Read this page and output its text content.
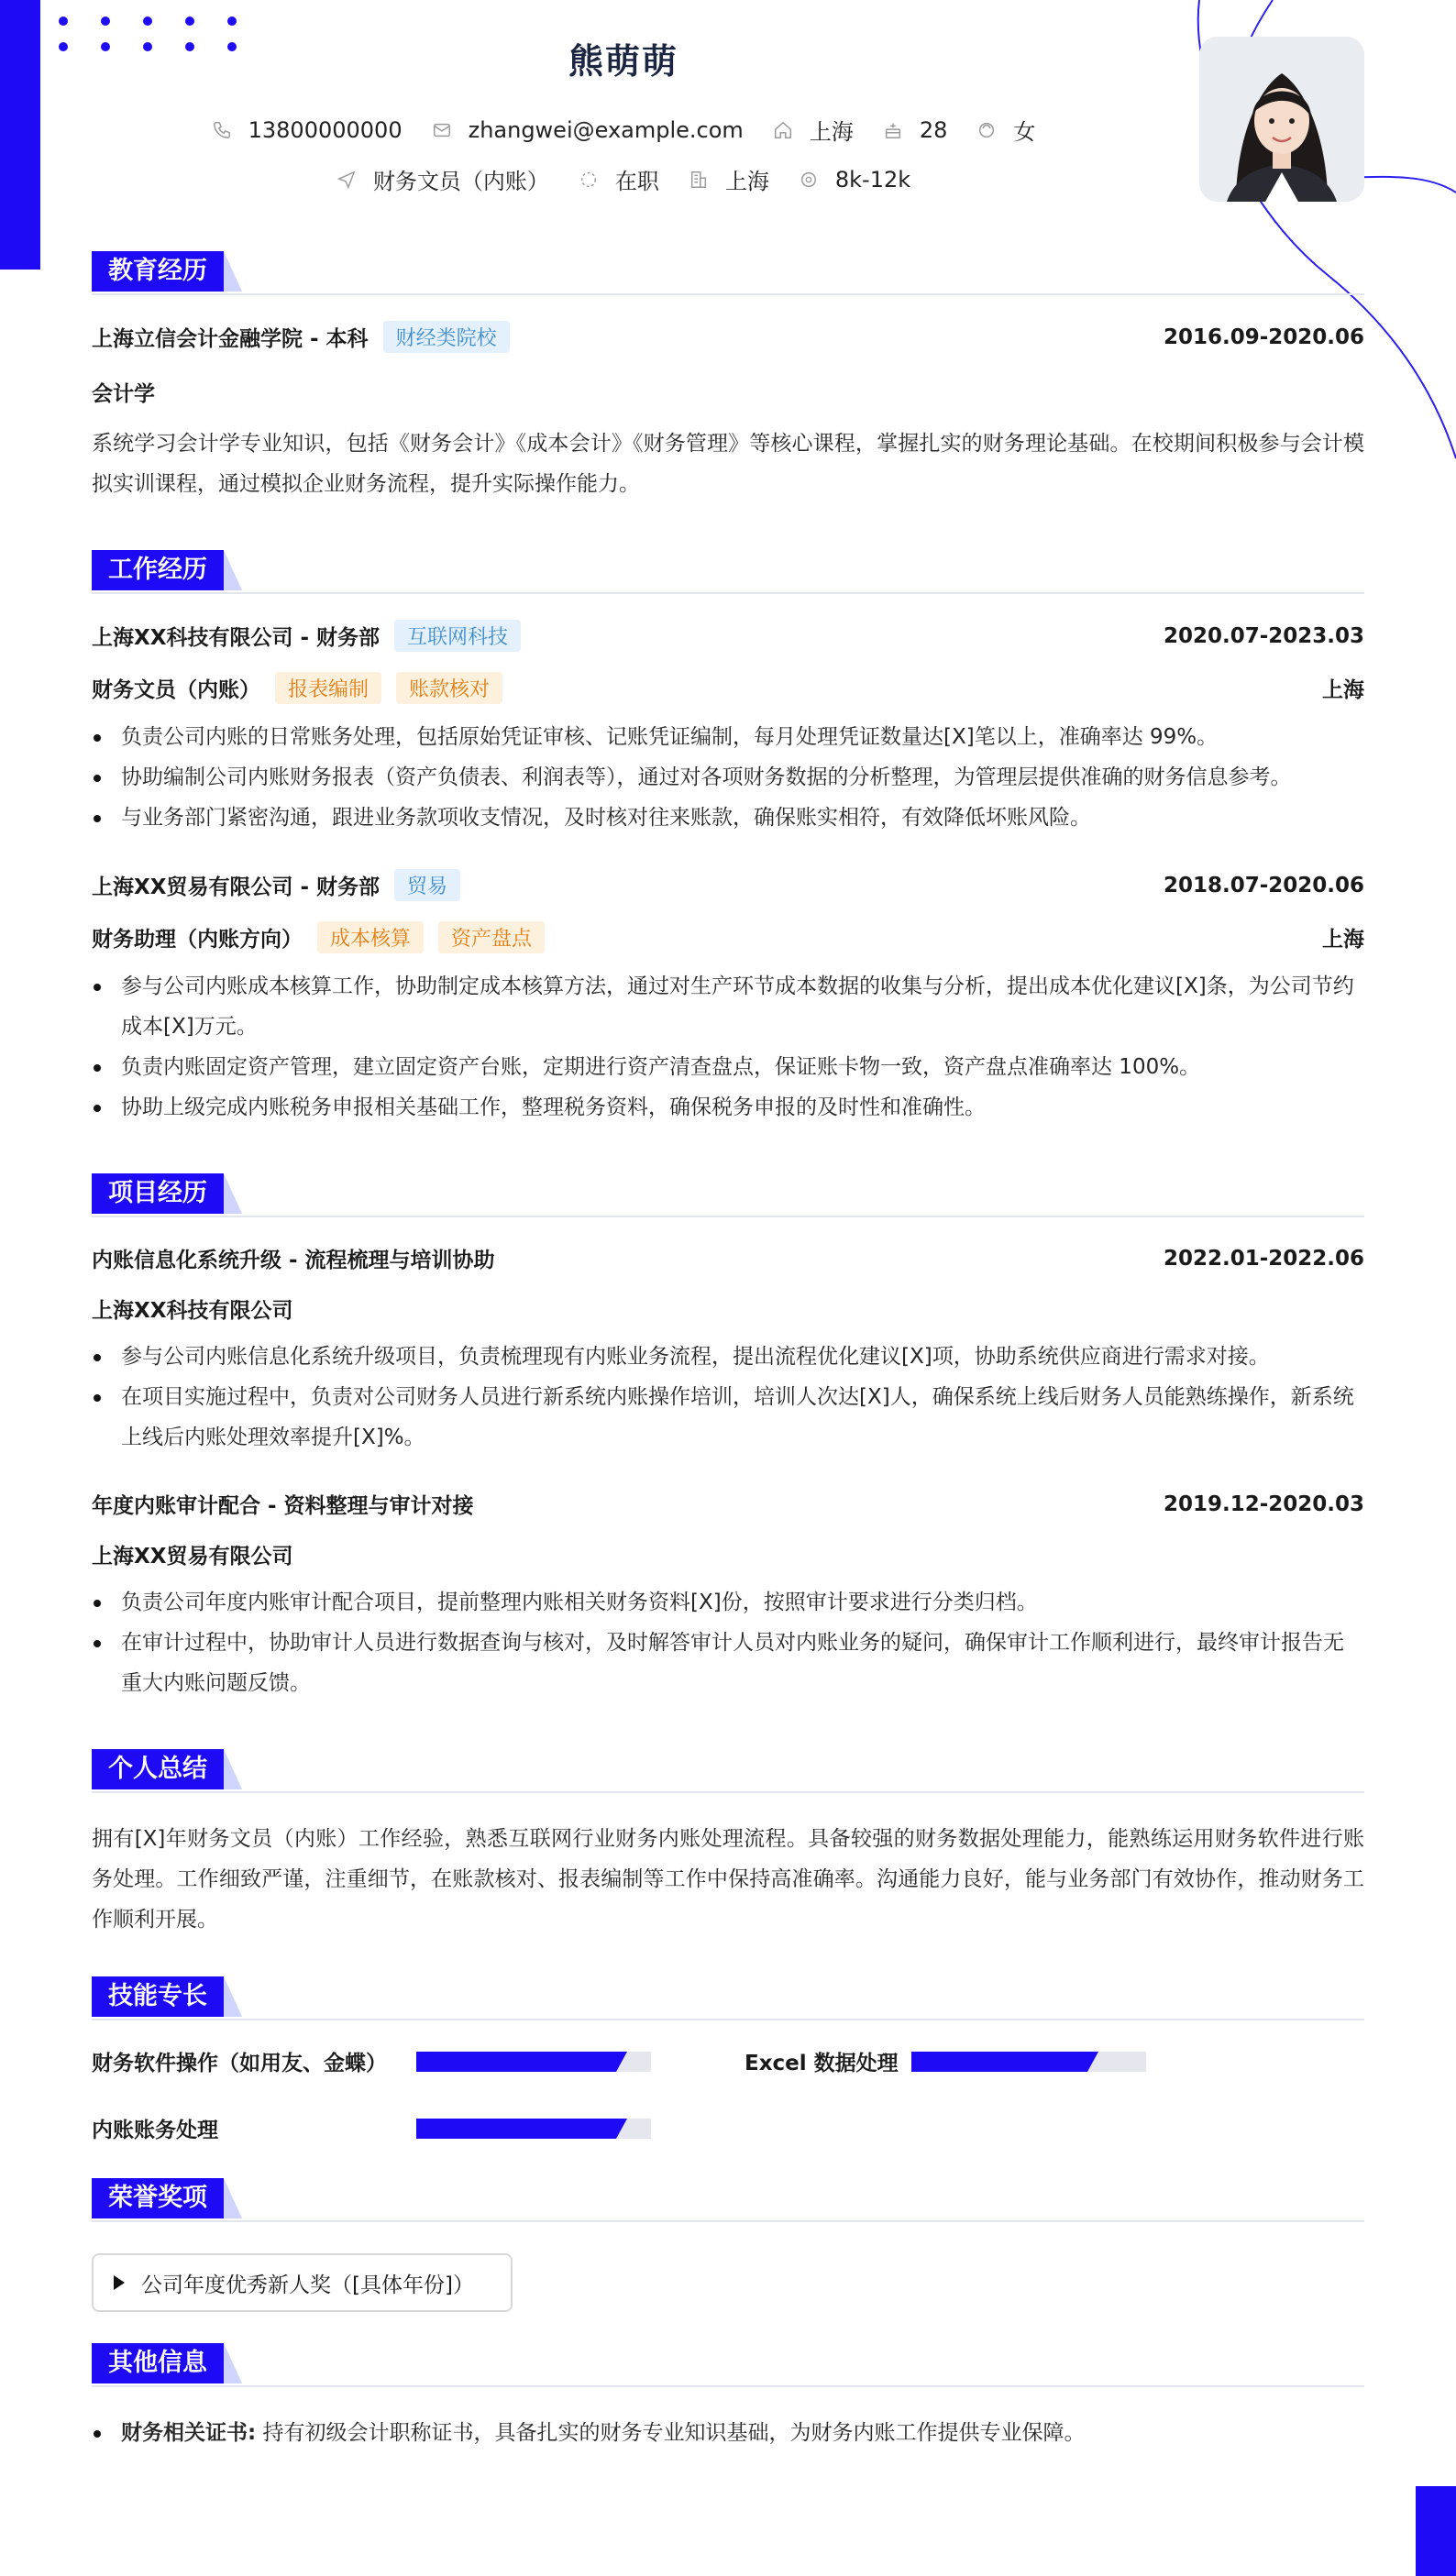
熊萌萌
13800000000	zhangwei@example.com	上海	28	女
财务文员（内账）	在职	上海	8k-12k
教育经历
上海立信会计金融学院 - 本科	财经类院校	2016.09-2020.06
会计学
系统学习会计学专业知识，包括《财务会计》《成本会计》《财务管理》等核心课程，掌握扎实的财务理论基础。在校期间积极参与会计模拟实训课程，通过模拟企业财务流程，提升实际操作能力。
工作经历
上海XX科技有限公司 - 财务部	互联网科技	2020.07-2023.03
财务文员（内账）	报表编制	账款核对	上海
负责公司内账的日常账务处理，包括原始凭证审核、记账凭证编制，每月处理凭证数量达[X]笔以上，准确率达 99%。
协助编制公司内账财务报表（资产负债表、利润表等），通过对各项财务数据的分析整理，为管理层提供准确的财务信息参考。
与业务部门紧密沟通，跟进业务款项收支情况，及时核对往来账款，确保账实相符，有效降低坏账风险。
上海XX贸易有限公司 - 财务部	贸易	2018.07-2020.06
财务助理（内账方向）	成本核算	资产盘点	上海
参与公司内账成本核算工作，协助制定成本核算方法，通过对生产环节成本数据的收集与分析，提出成本优化建议[X]条，为公司节约成本[X]万元。
负责内账固定资产管理，建立固定资产台账，定期进行资产清查盘点，保证账卡物一致，资产盘点准确率达 100%。
协助上级完成内账税务申报相关基础工作，整理税务资料，确保税务申报的及时性和准确性。
项目经历
内账信息化系统升级 - 流程梳理与培训协助	2022.01-2022.06
上海XX科技有限公司
参与公司内账信息化系统升级项目，负责梳理现有内账业务流程，提出流程优化建议[X]项，协助系统供应商进行需求对接。
在项目实施过程中，负责对公司财务人员进行新系统内账操作培训，培训人次达[X]人，确保系统上线后财务人员能熟练操作，新系统上线后内账处理效率提升[X]%。
年度内账审计配合 - 资料整理与审计对接	2019.12-2020.03
上海XX贸易有限公司
负责公司年度内账审计配合项目，提前整理内账相关财务资料[X]份，按照审计要求进行分类归档。
在审计过程中，协助审计人员进行数据查询与核对，及时解答审计人员对内账业务的疑问，确保审计工作顺利进行，最终审计报告无重大内账问题反馈。
个人总结
拥有[X]年财务文员（内账）工作经验，熟悉互联网行业财务内账处理流程。具备较强的财务数据处理能力，能熟练运用财务软件进行账务处理。工作细致严谨，注重细节，在账款核对、报表编制等工作中保持高准确率。沟通能力良好，能与业务部门有效协作，推动财务工作顺利开展。
技能专长
财务软件操作（如用友、金蝶）	Excel 数据处理
内账账务处理
荣誉奖项
公司年度优秀新人奖（[具体年份]）
其他信息
财务相关证书: 持有初级会计职称证书，具备扎实的财务专业知识基础，为财务内账工作提供专业保障。
